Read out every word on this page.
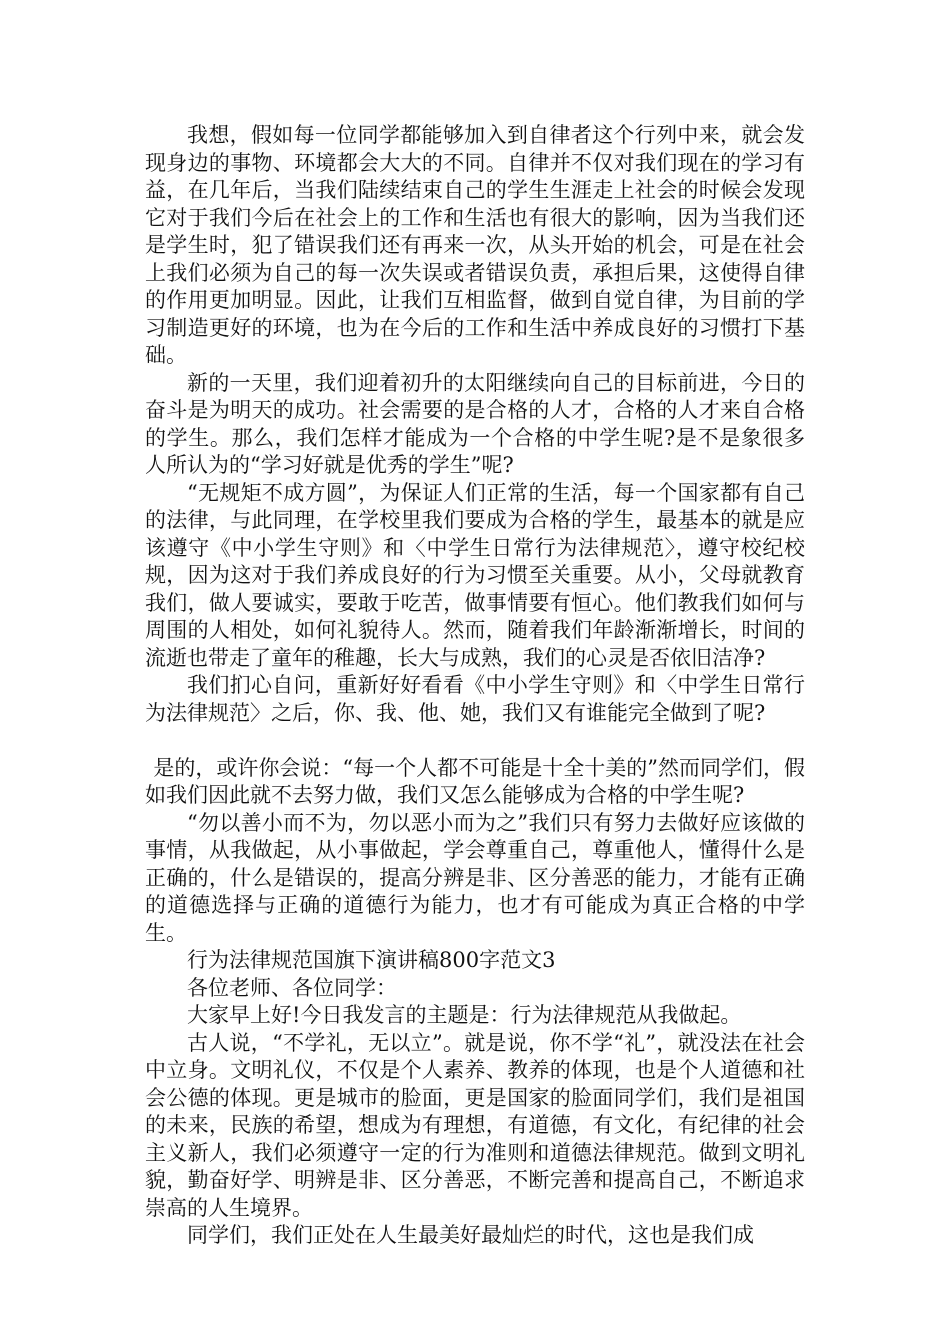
我想，假如每一位同学都能够加入到自律者这个行列中来，就会发现身边的事物、环境都会大大的不同。自律并不仅对我们现在的学习有益，在几年后，当我们陆续结束自己的学生生涯走上社会的时候会发现它对于我们今后在社会上的工作和生活也有很大的影响，因为当我们还是学生时，犯了错误我们还有再来一次，从头开始的机会，可是在社会上我们必须为自己的每一次失误或者错误负责，承担后果，这使得自律的作用更加明显。因此，让我们互相监督，做到自觉自律，为目前的学习制造更好的环境，也为在今后的工作和生活中养成良好的习惯打下基础。

新的一天里，我们迎着初升的太阳继续向自己的目标前进，今日的奋斗是为明天的成功。社会需要的是合格的人才，合格的人才来自合格的学生。那么，我们怎样才能成为一个合格的中学生呢?是不是象很多人所认为的“学习好就是优秀的学生”呢?

“无规矩不成方圆”，为保证人们正常的生活，每一个国家都有自己的法律，与此同理，在学校里我们要成为合格的学生，最基本的就是应该遵守《中小学生守则》和〈中学生日常行为法律规范〉，遵守校纪校规，因为这对于我们养成良好的行为习惯至关重要。从小，父母就教育我们，做人要诚实，要敢于吃苦，做事情要有恒心。他们教我们如何与周围的人相处，如何礼貌待人。然而，随着我们年龄渐渐增长，时间的流逝也带走了童年的稚趣，长大与成熟，我们的心灵是否依旧洁净?

我们扪心自问，重新好好看看《中小学生守则》和〈中学生日常行为法律规范〉之后，你、我、他、她，我们又有谁能完全做到了呢?

是的，或许你会说：“每一个人都不可能是十全十美的”然而同学们，假如我们因此就不去努力做，我们又怎么能够成为合格的中学生呢?

“勿以善小而不为，勿以恶小而为之”我们只有努力去做好应该做的事情，从我做起，从小事做起，学会尊重自己，尊重他人，懂得什么是正确的，什么是错误的，提高分辨是非、区分善恶的能力，才能有正确的道德选择与正确的道德行为能力，也才有可能成为真正合格的中学生。

行为法律规范国旗下演讲稿800字范文3

各位老师、各位同学：

大家早上好!今日我发言的主题是：行为法律规范从我做起。

古人说，“不学礼，无以立”。就是说，你不学“礼”，就没法在社会中立身。文明礼仪，不仅是个人素养、教养的体现，也是个人道德和社会公德的体现。更是城市的脸面，更是国家的脸面同学们，我们是祖国的未来，民族的希望，想成为有理想，有道德，有文化，有纪律的社会主义新人，我们必须遵守一定的行为准则和道德法律规范。做到文明礼貌，勤奋好学、明辨是非、区分善恶，不断完善和提高自己，不断追求崇高的人生境界。

同学们，我们正处在人生最美好最灿烂的时代，这也是我们成
